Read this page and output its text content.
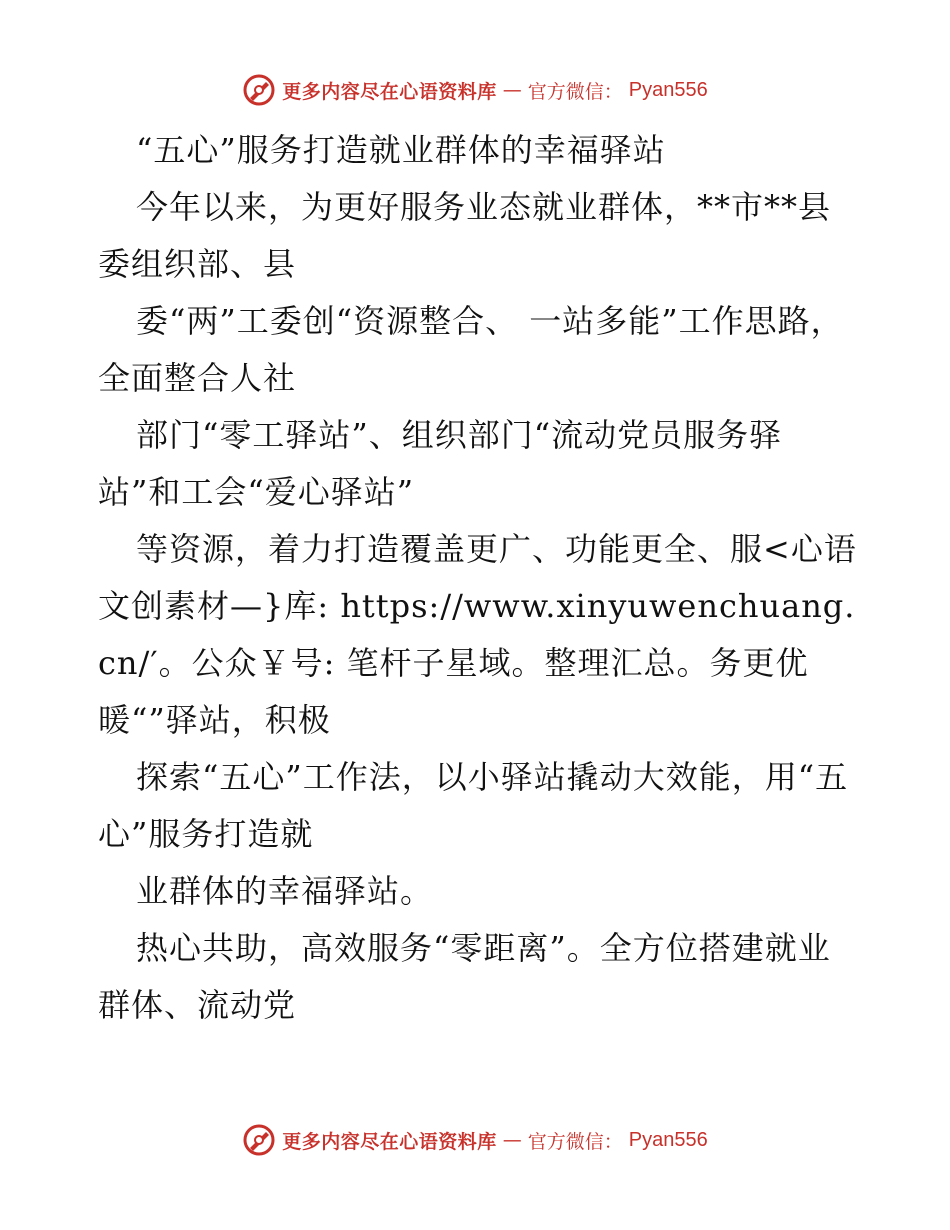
更多内容尽在心语资料库 — 官方微信： Pyan556

“五心”服务打造就业群体的幸福驿站

今年以来，为更好服务业态就业群体，**市**县委组织部、县

委“两”工委创“资源整合、 一站多能”工作思路，全面整合人社

部门“零工驿站”、组织部门“流动党员服务驿站”和工会“爱心驿站”

等资源，着力打造覆盖更广、功能更全、服<心语文创素材—}库: https://www.xinyuwenchuang.cn/′。公众￥号: 笔杆子星域。整理汇总。务更优暖“”驿站，积极

探索“五心”工作法，以小驿站撬动大效能，用“五心”服务打造就

业群体的幸福驿站。

热心共助，高效服务“零距离”。全方位搭建就业群体、流动党

更多内容尽在心语资料库 — 官方微信： Pyan556
